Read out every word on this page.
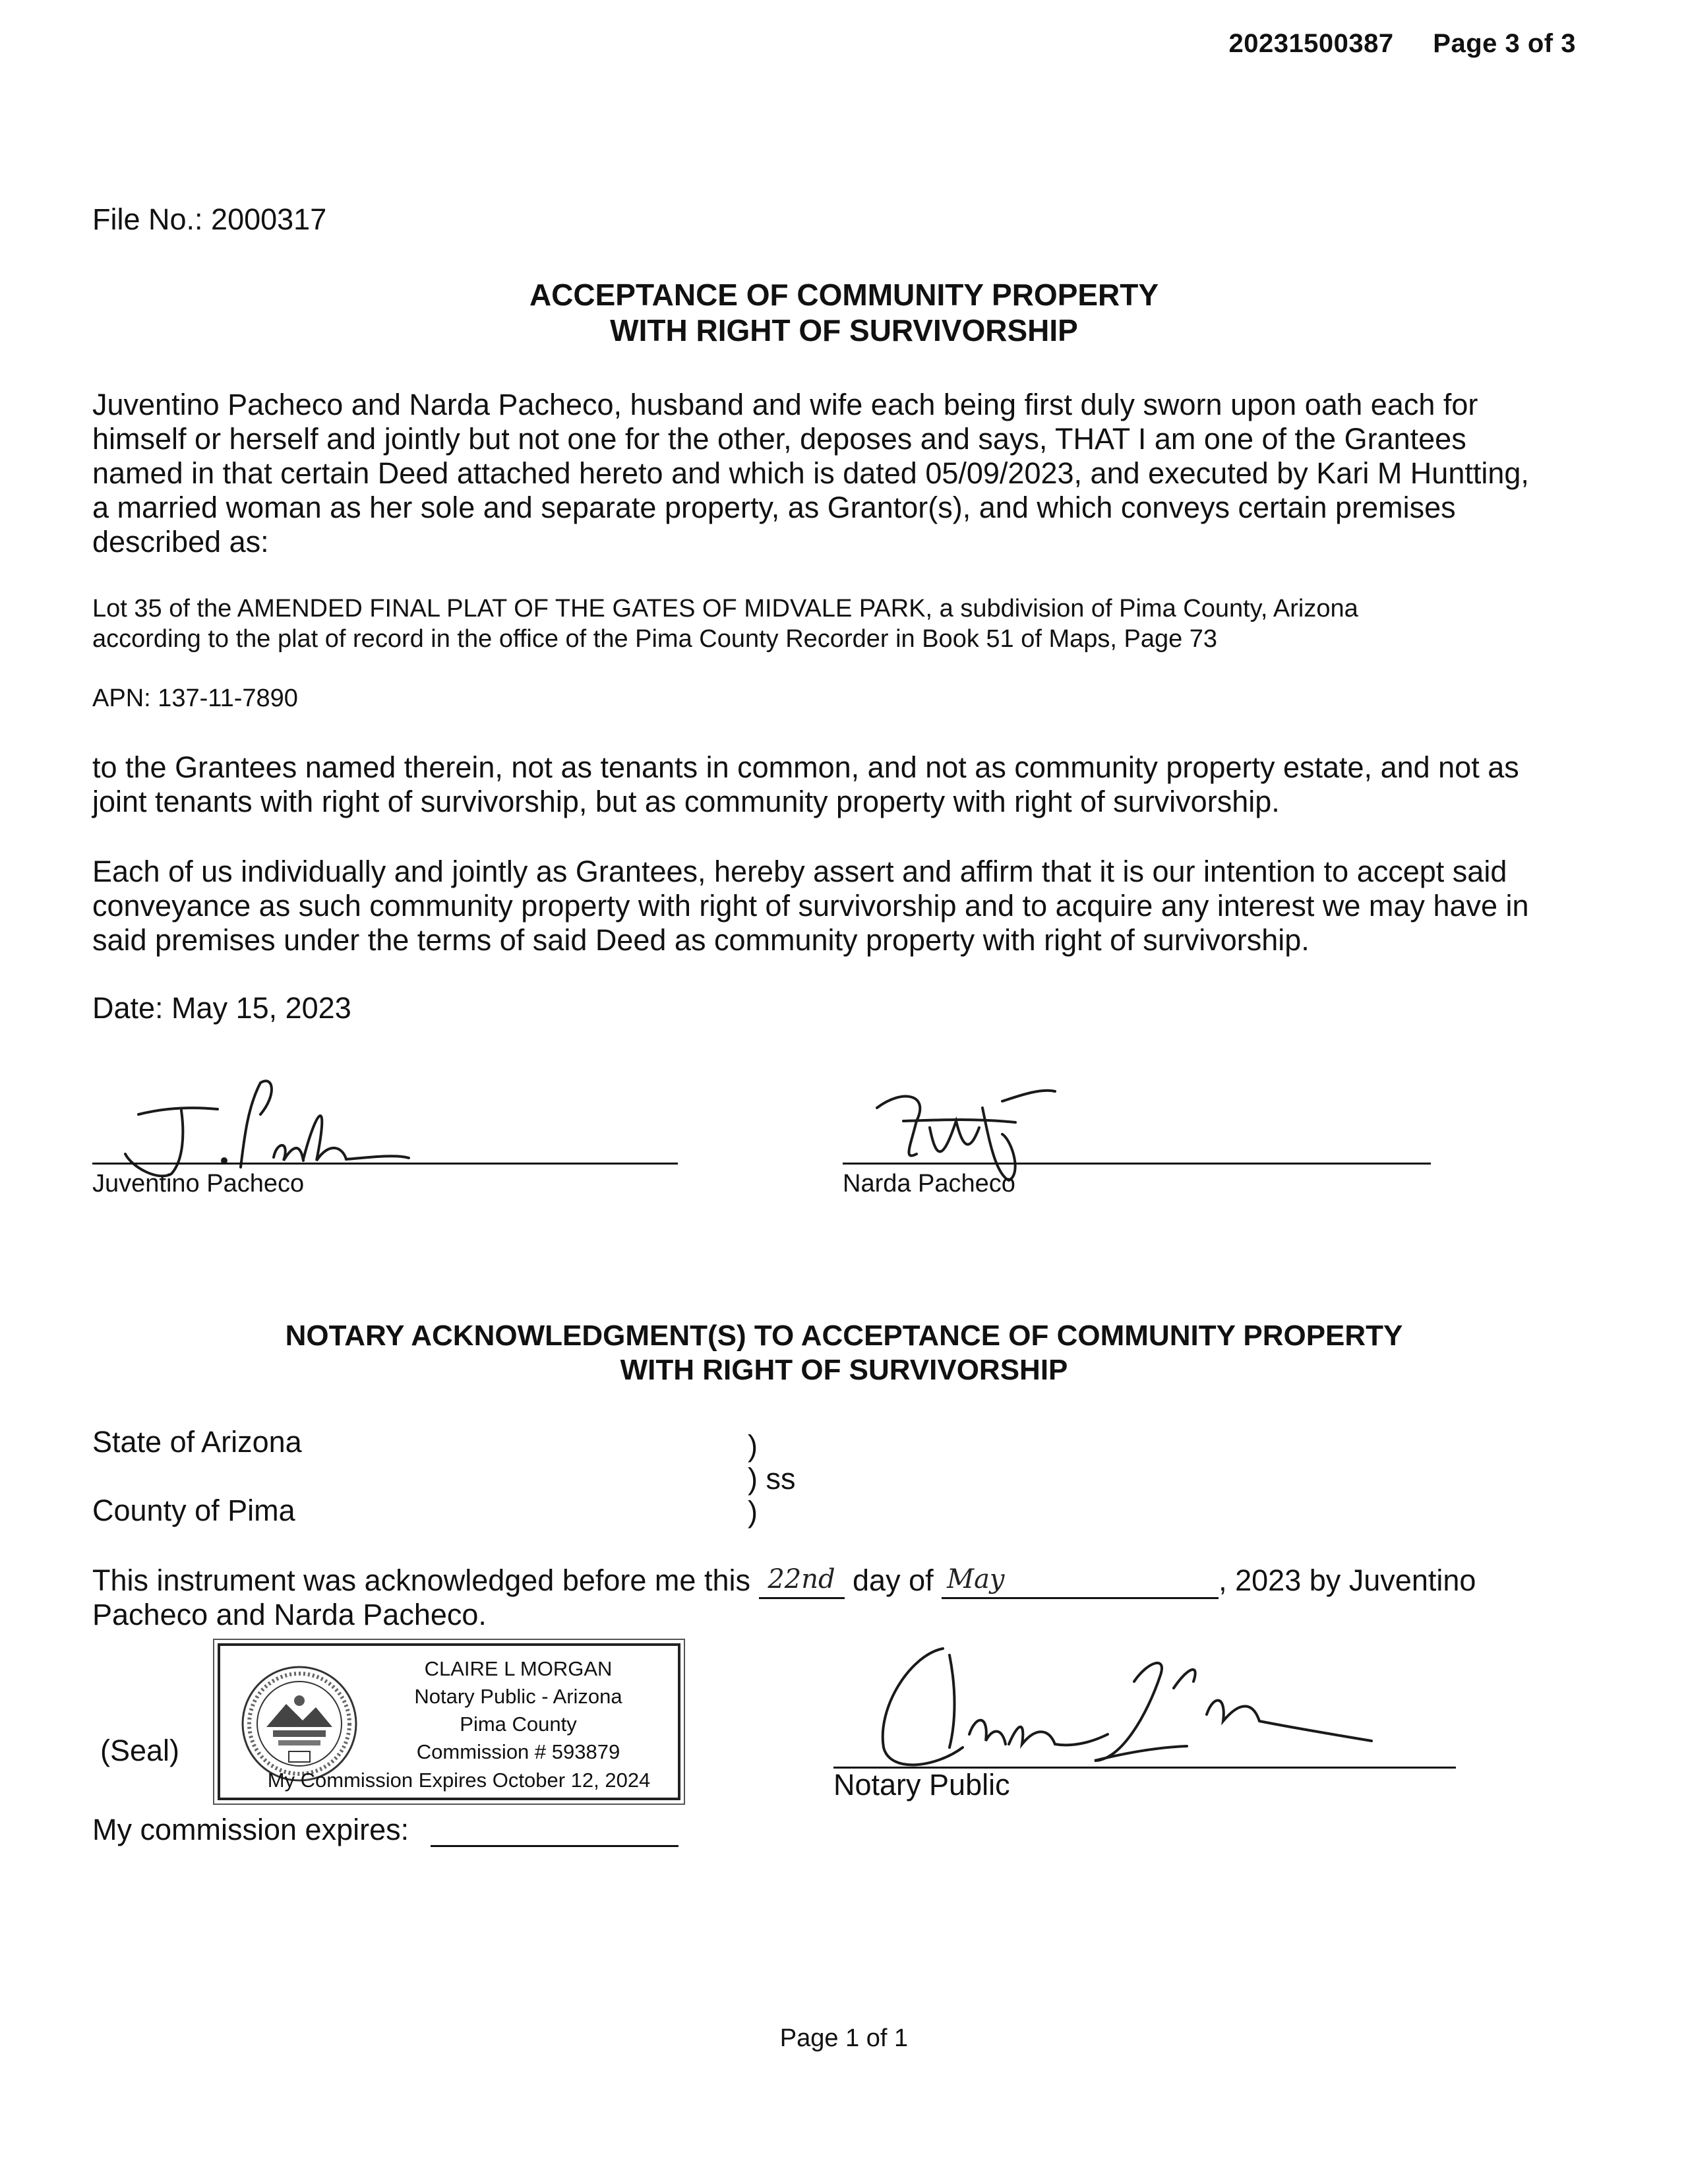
20231500387 Page 3 of 3
File No.: 2000317
ACCEPTANCE OF COMMUNITY PROPERTY
WITH RIGHT OF SURVIVORSHIP
Juventino Pacheco and Narda Pacheco, husband and wife each being first duly sworn upon oath each for
himself or herself and jointly but not one for the other, deposes and says, THAT I am one of the Grantees
named in that certain Deed attached hereto and which is dated 05/09/2023, and executed by Kari M Huntting,
a married woman as her sole and separate property, as Grantor(s), and which conveys certain premises
described as:
Lot 35 of the AMENDED FINAL PLAT OF THE GATES OF MIDVALE PARK, a subdivision of Pima County, Arizona
according to the plat of record in the office of the Pima County Recorder in Book 51 of Maps, Page 73
APN: 137-11-7890
to the Grantees named therein, not as tenants in common, and not as community property estate, and not as
joint tenants with right of survivorship, but as community property with right of survivorship.
Each of us individually and jointly as Grantees, hereby assert and affirm that it is our intention to accept said
conveyance as such community property with right of survivorship and to acquire any interest we may have in
said premises under the terms of said Deed as community property with right of survivorship.
Date: May 15, 2023
Juventino Pacheco	Narda Pacheco
NOTARY ACKNOWLEDGMENT(S) TO ACCEPTANCE OF COMMUNITY PROPERTY
WITH RIGHT OF SURVIVORSHIP
State of Arizona
County of Pima
)
) ss
)
This instrument was acknowledged before me this 22nd day of May	, 2023 by Juventino
Pacheco and Narda Pacheco.
CLAIRE L MORGAN
Notary Public - Arizona
Pima County
Commission # 593879
My Commission Expires October 12, 2024
(Seal)
Notary Public
My commission expires:
Page 1 of 1
